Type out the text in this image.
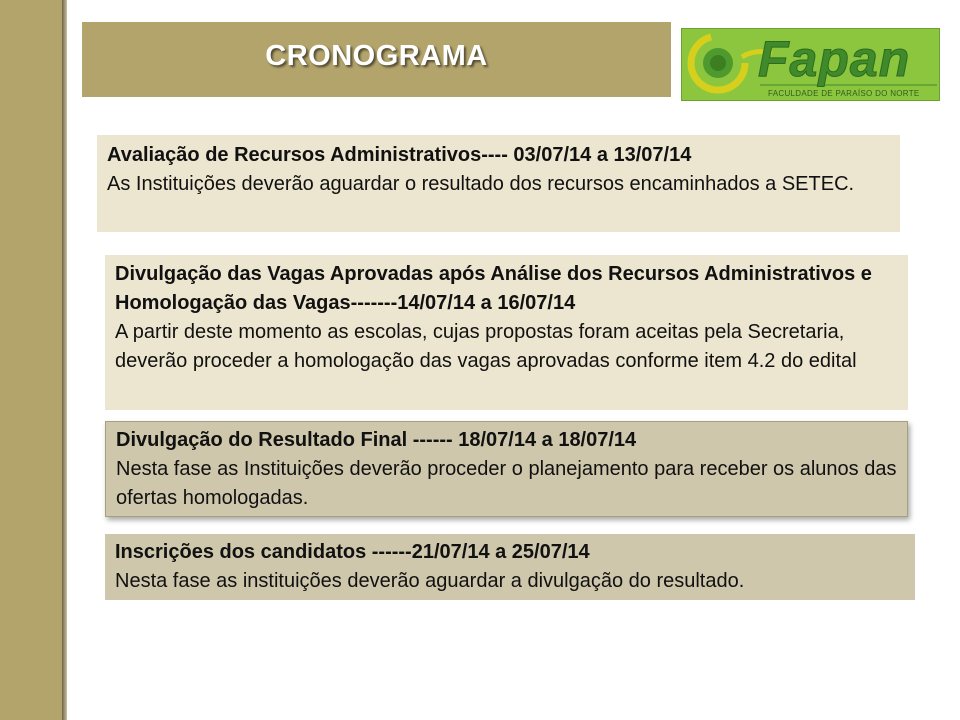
CRONOGRAMA	Fapan
FACULDADE DE PARAÍSO DO NORTE
Avaliação de Recursos Administrativos---- 03/07/14 a 13/07/14
As Instituições deverão aguardar o resultado dos recursos encaminhados a SETEC.
Divulgação das Vagas Aprovadas após Análise dos Recursos Administrativos e Homologação das Vagas-------14/07/14 a 16/07/14
A partir deste momento as escolas, cujas propostas foram aceitas pela Secretaria, deverão proceder a homologação das vagas aprovadas conforme item 4.2 do edital
Divulgação do Resultado Final ------ 18/07/14 a 18/07/14
Nesta fase as Instituições deverão proceder o planejamento para receber os alunos das ofertas homologadas.
Inscrições dos candidatos ------21/07/14 a 25/07/14
Nesta fase as instituições deverão aguardar a divulgação do resultado.
